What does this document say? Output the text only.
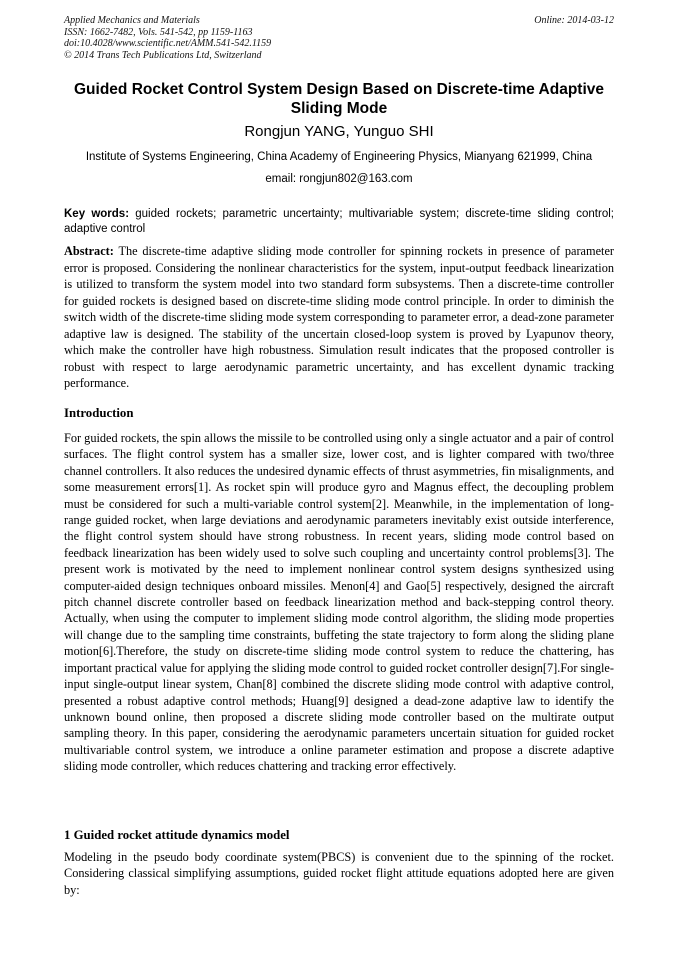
Applied Mechanics and Materials
ISSN: 1662-7482, Vols. 541-542, pp 1159-1163
doi:10.4028/www.scientific.net/AMM.541-542.1159
© 2014 Trans Tech Publications Ltd, Switzerland
Online: 2014-03-12
Guided Rocket Control System Design Based on Discrete-time Adaptive Sliding Mode
Rongjun YANG, Yunguo SHI
Institute of Systems Engineering, China Academy of Engineering Physics, Mianyang 621999, China
email: rongjun802@163.com
Key words: guided rockets; parametric uncertainty; multivariable system; discrete-time sliding control; adaptive control
Abstract: The discrete-time adaptive sliding mode controller for spinning rockets in presence of parameter error is proposed. Considering the nonlinear characteristics for the system, input-output feedback linearization is utilized to transform the system model into two standard form subsystems. Then a discrete-time controller for guided rockets is designed based on discrete-time sliding mode control principle. In order to diminish the switch width of the discrete-time sliding mode system corresponding to parameter error, a dead-zone parameter adaptive law is designed. The stability of the uncertain closed-loop system is proved by Lyapunov theory, which make the controller have high robustness. Simulation result indicates that the proposed controller is robust with respect to large aerodynamic parametric uncertainty, and has excellent dynamic tracking performance.
Introduction
For guided rockets, the spin allows the missile to be controlled using only a single actuator and a pair of control surfaces. The flight control system has a smaller size, lower cost, and is lighter compared with two/three channel controllers. It also reduces the undesired dynamic effects of thrust asymmetries, fin misalignments, and some measurement errors[1]. As rocket spin will produce gyro and Magnus effect, the decoupling problem must be considered for such a multi-variable control system[2]. Meanwhile, in the implementation of long-range guided rocket, when large deviations and aerodynamic parameters inevitably exist outside interference, the flight control system should have strong robustness. In recent years, sliding mode control based on feedback linearization has been widely used to solve such coupling and uncertainty control problems[3]. The present work is motivated by the need to implement nonlinear control system designs synthesized using computer-aided design techniques onboard missiles. Menon[4] and Gao[5] respectively, designed the aircraft pitch channel discrete controller based on feedback linearization method and back-stepping control theory. Actually, when using the computer to implement sliding mode control algorithm, the sliding mode properties will change due to the sampling time constraints, buffeting the state trajectory to form along the sliding plane motion[6].Therefore, the study on discrete-time sliding mode control system to reduce the chattering, has important practical value for applying the sliding mode control to guided rocket controller design[7].For single-input single-output linear system, Chan[8] combined the discrete sliding mode control with adaptive control, presented a robust adaptive control methods; Huang[9] designed a dead-zone adaptive law to identify the unknown bound online, then proposed a discrete sliding mode controller based on the multirate output sampling theory. In this paper, considering the aerodynamic parameters uncertain situation for guided rocket multivariable control system, we introduce a online parameter estimation and propose a discrete adaptive sliding mode controller, which reduces chattering and tracking error effectively.
1 Guided rocket attitude dynamics model
Modeling in the pseudo body coordinate system(PBCS) is convenient due to the spinning of the rocket. Considering classical simplifying assumptions, guided rocket flight attitude equations adopted here are given by:
